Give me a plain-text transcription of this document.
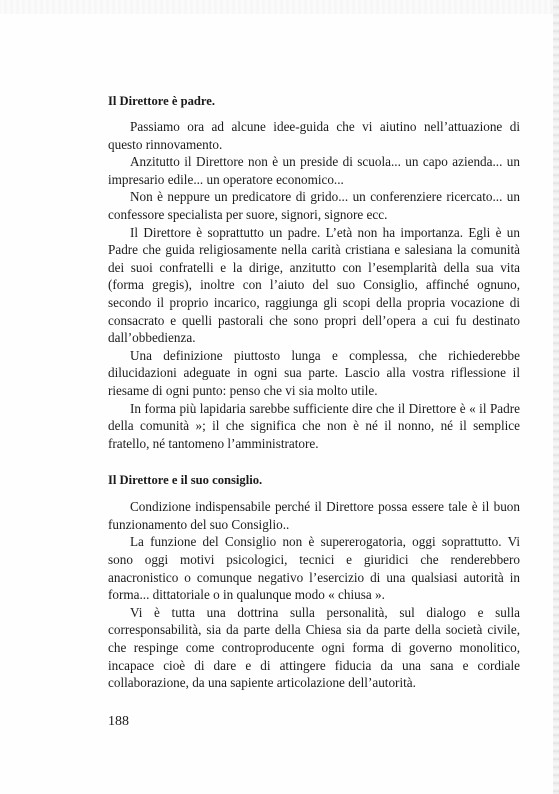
Il Direttore è padre.

Passiamo ora ad alcune idee-guida che vi aiutino nell’attuazione di questo rinnovamento.

Anzitutto il Direttore non è un preside di scuola... un capo azienda... un impresario edile... un operatore economico...

Non è neppure un predicatore di grido... un conferenziere ricercato... un confessore specialista per suore, signori, signore ecc.

Il Direttore è soprattutto un padre. L’età non ha importanza. Egli è un Padre che guida religiosamente nella carità cristiana e salesiana la comunità dei suoi confratelli e la dirige, anzitutto con l’esemplarità della sua vita (forma gregis), inoltre con l’aiuto del suo Consiglio, affinché ognuno, secondo il proprio incarico, raggiunga gli scopi della propria vocazione di consacrato e quelli pastorali che sono propri dell’opera a cui fu destinato dall’obbedienza.

Una definizione piuttosto lunga e complessa, che richiederebbe dilucidazioni adeguate in ogni sua parte. Lascio alla vostra riflessione il riesame di ogni punto: penso che vi sia molto utile.

In forma più lapidaria sarebbe sufficiente dire che il Direttore è « il Padre della comunità »; il che significa che non è né il nonno, né il semplice fratello, né tantomeno l’amministratore.

Il Direttore e il suo consiglio.

Condizione indispensabile perché il Direttore possa essere tale è il buon funzionamento del suo Consiglio..

La funzione del Consiglio non è supererogatoria, oggi soprattutto. Vi sono oggi motivi psicologici, tecnici e giuridici che renderebbero anacronistico o comunque negativo l’esercizio di una qualsiasi autorità in forma... dittatoriale o in qualunque modo « chiusa ».

Vi è tutta una dottrina sulla personalità, sul dialogo e sulla corresponsabilità, sia da parte della Chiesa sia da parte della società civile, che respinge come controproducente ogni forma di governo monolitico, incapace cioè di dare e di attingere fiducia da una sana e cordiale collaborazione, da una sapiente articolazione dell’autorità.

188
